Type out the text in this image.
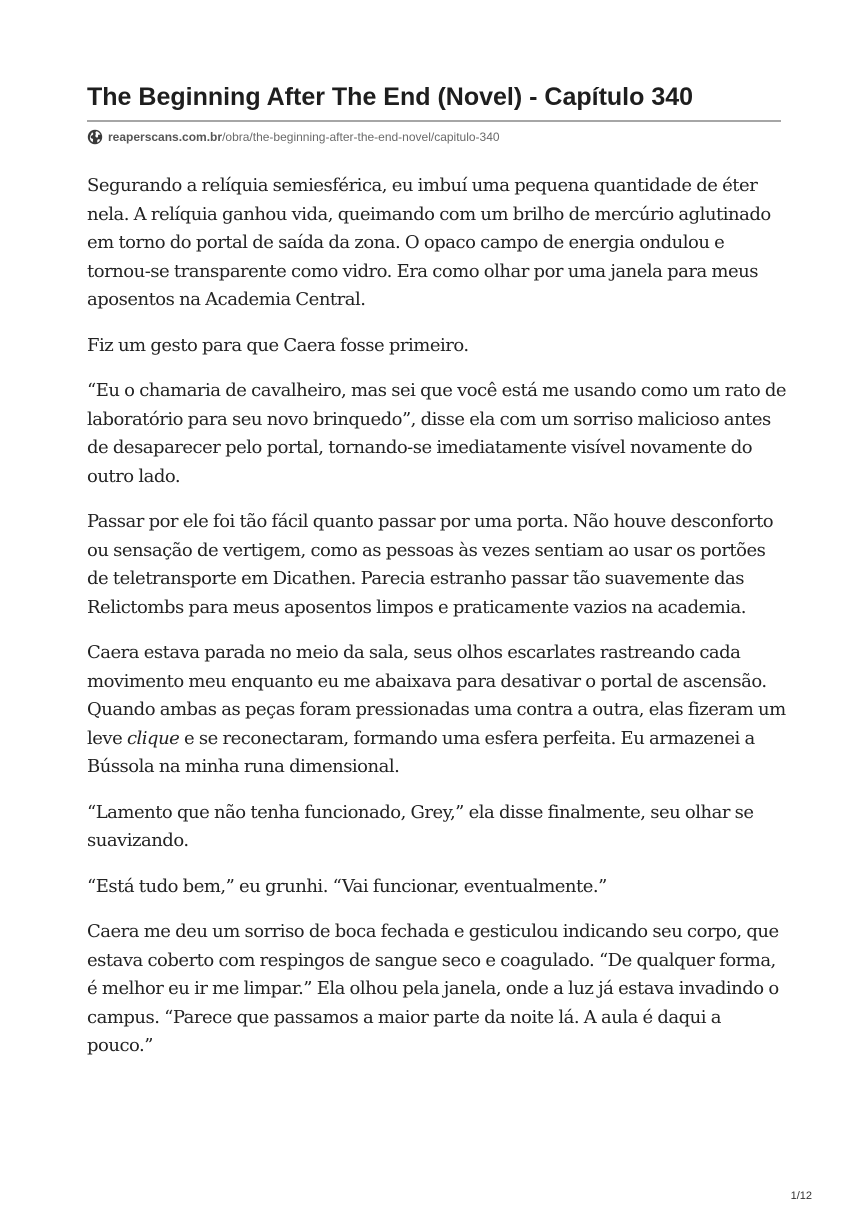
The Beginning After The End (Novel) - Capítulo 340
reaperscans.com.br /obra/the-beginning-after-the-end-novel/capitulo-340

Segurando a relíquia semiesférica, eu imbuí uma pequena quantidade de éter nela. A relíquia ganhou vida, queimando com um brilho de mercúrio aglutinado em torno do portal de saída da zona. O opaco campo de energia ondulou e tornou-se transparente como vidro. Era como olhar por uma janela para meus aposentos na Academia Central.

Fiz um gesto para que Caera fosse primeiro.

“Eu o chamaria de cavalheiro, mas sei que você está me usando como um rato de laboratório para seu novo brinquedo”, disse ela com um sorriso malicioso antes de desaparecer pelo portal, tornando-se imediatamente visível novamente do outro lado.

Passar por ele foi tão fácil quanto passar por uma porta. Não houve desconforto ou sensação de vertigem, como as pessoas às vezes sentiam ao usar os portões de teletransporte em Dicathen. Parecia estranho passar tão suavemente das Relictombs para meus aposentos limpos e praticamente vazios na academia.

Caera estava parada no meio da sala, seus olhos escarlates rastreando cada movimento meu enquanto eu me abaixava para desativar o portal de ascensão. Quando ambas as peças foram pressionadas uma contra a outra, elas fizeram um leve clique e se reconectaram, formando uma esfera perfeita. Eu armazenei a Bússola na minha runa dimensional.

“Lamento que não tenha funcionado, Grey,” ela disse finalmente, seu olhar se suavizando.

“Está tudo bem,” eu grunhi. “Vai funcionar, eventualmente.”

Caera me deu um sorriso de boca fechada e gesticulou indicando seu corpo, que estava coberto com respingos de sangue seco e coagulado. “De qualquer forma, é melhor eu ir me limpar.” Ela olhou pela janela, onde a luz já estava invadindo o campus. “Parece que passamos a maior parte da noite lá. A aula é daqui a pouco.”

1/12
